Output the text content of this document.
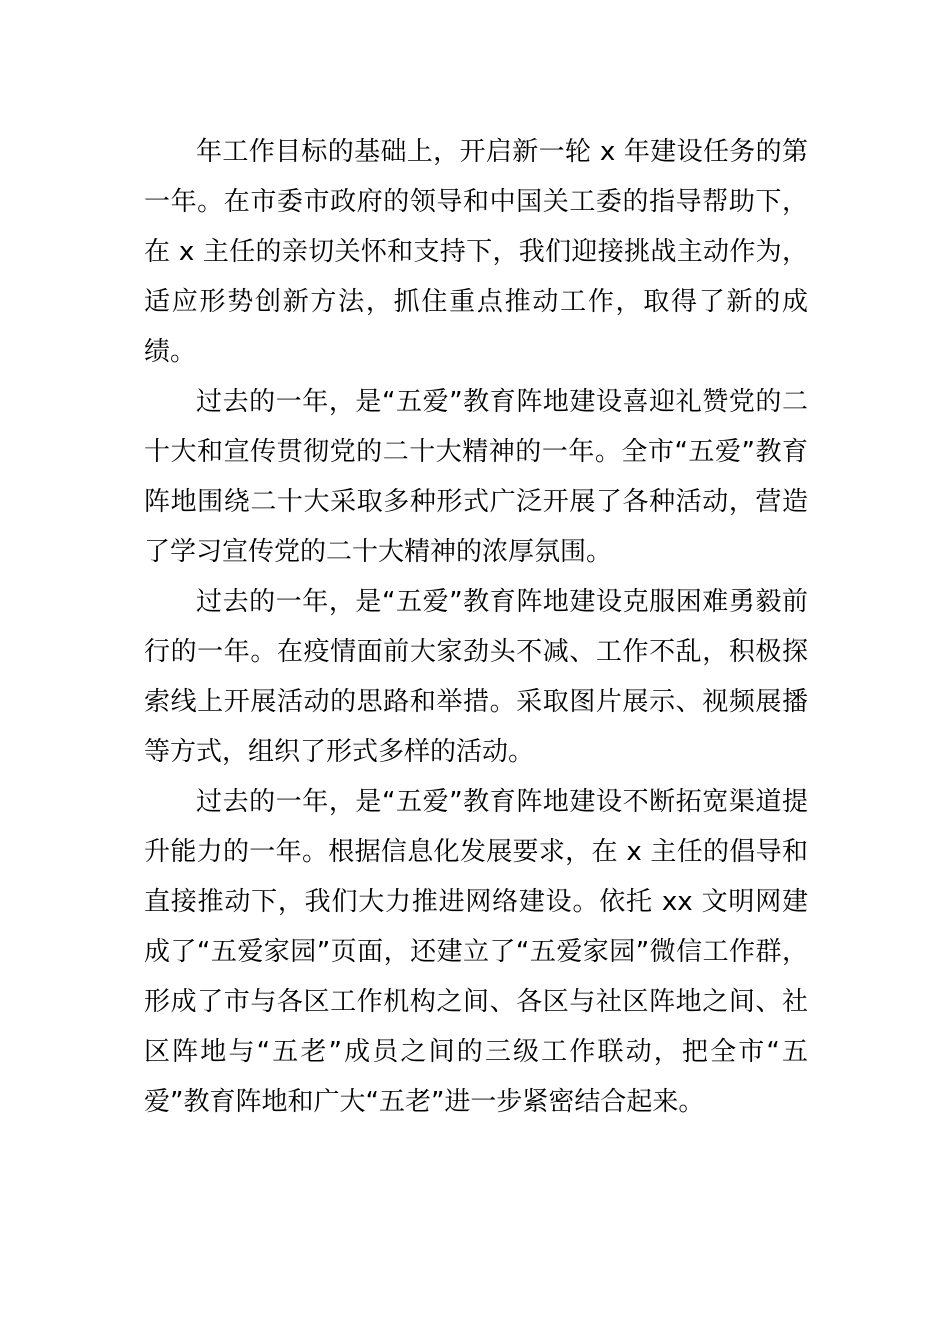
年工作目标的基础上，开启新一轮 x 年建设任务的第一年。在市委市政府的领导和中国关工委的指导帮助下，在 x 主任的亲切关怀和支持下，我们迎接挑战主动作为，适应形势创新方法，抓住重点推动工作，取得了新的成绩。

过去的一年，是“五爱”教育阵地建设喜迎礼赞党的二十大和宣传贯彻党的二十大精神的一年。全市“五爱”教育阵地围绕二十大采取多种形式广泛开展了各种活动，营造了学习宣传党的二十大精神的浓厚氛围。

过去的一年，是“五爱”教育阵地建设克服困难勇毅前行的一年。在疫情面前大家劲头不减、工作不乱，积极探索线上开展活动的思路和举措。采取图片展示、视频展播等方式，组织了形式多样的活动。

过去的一年，是“五爱”教育阵地建设不断拓宽渠道提升能力的一年。根据信息化发展要求，在 x 主任的倡导和直接推动下，我们大力推进网络建设。依托 xx 文明网建成了“五爱家园”页面，还建立了“五爱家园”微信工作群，形成了市与各区工作机构之间、各区与社区阵地之间、社区阵地与“五老”成员之间的三级工作联动，把全市“五爱”教育阵地和广大“五老”进一步紧密结合起来。
